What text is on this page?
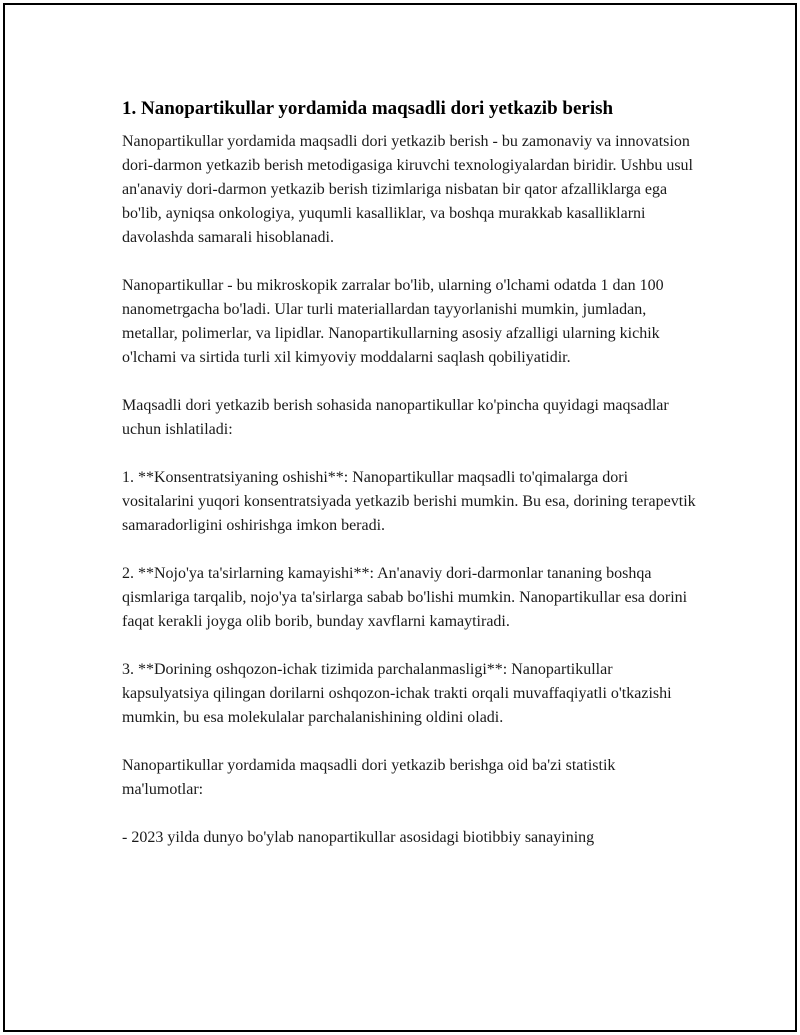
1. Nanopartikullar yordamida maqsadli dori yetkazib berish

Nanopartikullar yordamida maqsadli dori yetkazib berish - bu zamonaviy va innovatsion dori-darmon yetkazib berish metodigasiga kiruvchi texnologiyalardan biridir. Ushbu usul an'anaviy dori-darmon yetkazib berish tizimlariga nisbatan bir qator afzalliklarga ega bo'lib, ayniqsa onkologiya, yuqumli kasalliklar, va boshqa murakkab kasalliklarni davolashda samarali hisoblanadi.

Nanopartikullar - bu mikroskopik zarralar bo'lib, ularning o'lchami odatda 1 dan 100 nanometrgacha bo'ladi. Ular turli materiallardan tayyorlanishi mumkin, jumladan, metallar, polimerlar, va lipidlar. Nanopartikullarning asosiy afzalligi ularning kichik o'lchami va sirtida turli xil kimyoviy moddalarni saqlash qobiliyatidir.

Maqsadli dori yetkazib berish sohasida nanopartikullar ko'pincha quyidagi maqsadlar uchun ishlatiladi:

1. **Konsentratsiyaning oshishi**: Nanopartikullar maqsadli to'qimalarga dori vositalarini yuqori konsentratsiyada yetkazib berishi mumkin. Bu esa, dorining terapevtik samaradorligini oshirishga imkon beradi.

2. **Nojo'ya ta'sirlarning kamayishi**: An'anaviy dori-darmonlar tananing boshqa qismlariga tarqalib, nojo'ya ta'sirlarga sabab bo'lishi mumkin. Nanopartikullar esa dorini faqat kerakli joyga olib borib, bunday xavflarni kamaytiradi.

3. **Dorining oshqozon-ichak tizimida parchalanmasligi**: Nanopartikullar kapsulyatsiya qilingan dorilarni oshqozon-ichak trakti orqali muvaffaqiyatli o'tkazishi mumkin, bu esa molekulalar parchalanishining oldini oladi.

Nanopartikullar yordamida maqsadli dori yetkazib berishga oid ba'zi statistik ma'lumotlar:

- 2023 yilda dunyo bo'ylab nanopartikullar asosidagi biotibbiy sanayining
